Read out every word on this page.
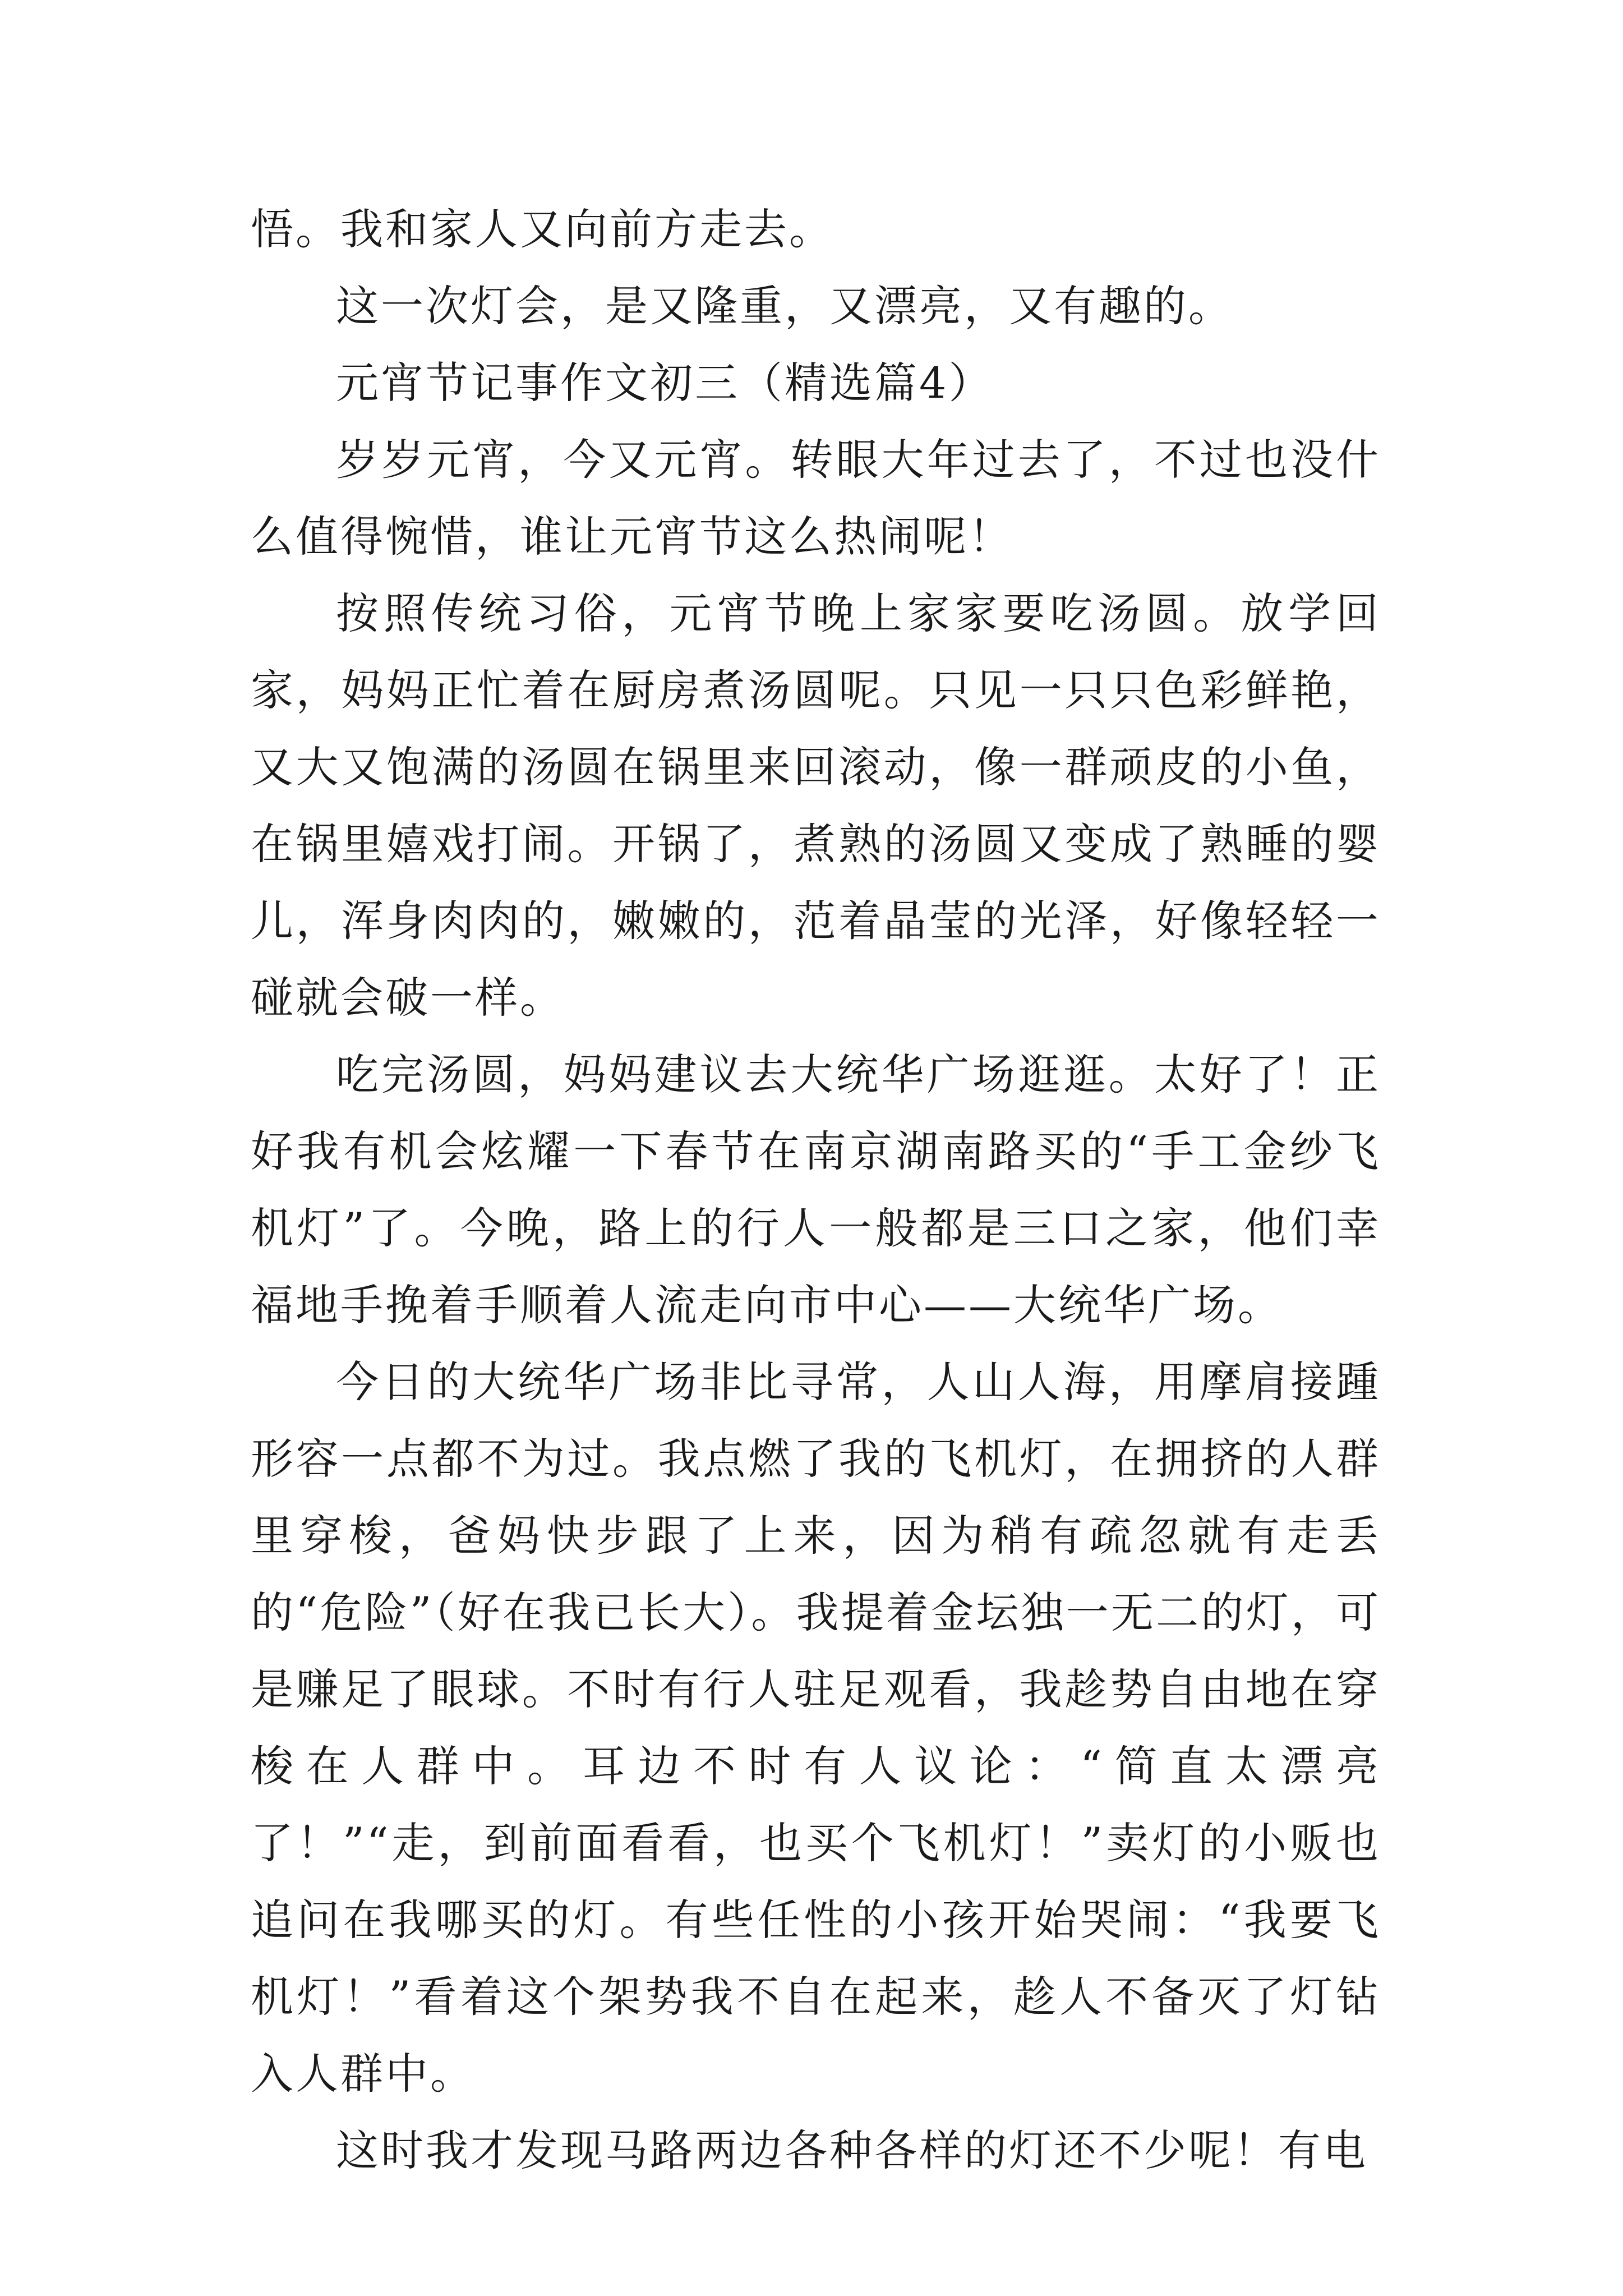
悟。我和家人又向前方走去。

这一次灯会，是又隆重，又漂亮，又有趣的。

元宵节记事作文初三（精选篇4）

岁岁元宵，今又元宵。转眼大年过去了，不过也没什么值得惋惜，谁让元宵节这么热闹呢！

按照传统习俗，元宵节晚上家家要吃汤圆。放学回家，妈妈正忙着在厨房煮汤圆呢。只见一只只色彩鲜艳，又大又饱满的汤圆在锅里来回滚动，像一群顽皮的小鱼，在锅里嬉戏打闹。开锅了，煮熟的汤圆又变成了熟睡的婴儿，浑身肉肉的，嫩嫩的，范着晶莹的光泽，好像轻轻一碰就会破一样。

吃完汤圆，妈妈建议去大统华广场逛逛。太好了！正好我有机会炫耀一下春节在南京湖南路买的“手工金纱飞机灯”了。今晚，路上的行人一般都是三口之家，他们幸福地手挽着手顺着人流走向市中心——大统华广场。

今日的大统华广场非比寻常，人山人海，用摩肩接踵形容一点都不为过。我点燃了我的飞机灯，在拥挤的人群里穿梭，爸妈快步跟了上来，因为稍有疏忽就有走丢的“危险”（好在我已长大）。我提着金坛独一无二的灯，可是赚足了眼球。不时有行人驻足观看，我趁势自由地在穿梭在人群中。耳边不时有人议论：“简直太漂亮了！”“走，到前面看看，也买个飞机灯！”卖灯的小贩也追问在我哪买的灯。有些任性的小孩开始哭闹：“我要飞机灯！”看着这个架势我不自在起来，趁人不备灭了灯钻入人群中。

这时我才发现马路两边各种各样的灯还不少呢！有电
